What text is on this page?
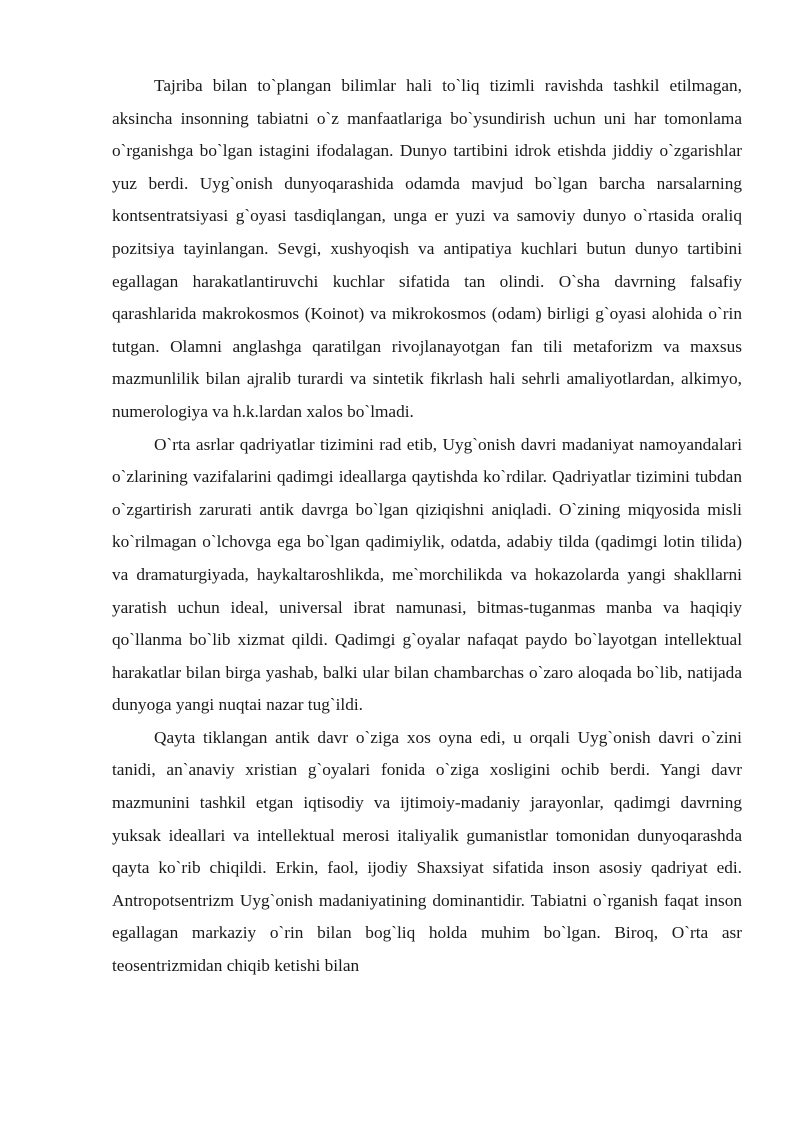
Tajriba bilan to`plangan bilimlar hali to`liq tizimli ravishda tashkil etilmagan, aksincha insonning tabiatni o`z manfaatlariga bo`ysundirish uchun uni har tomonlama o`rganishga bo`lgan istagini ifodalagan. Dunyo tartibini idrok etishda jiddiy o`zgarishlar yuz berdi. Uyg`onish dunyoqarashida odamda mavjud bo`lgan barcha narsalarning kontsentratsiyasi g`oyasi tasdiqlangan, unga er yuzi va samoviy dunyo o`rtasida oraliq pozitsiya tayinlangan. Sevgi, xushyoqish va antipatiya kuchlari butun dunyo tartibini egallagan harakatlantiruvchi kuchlar sifatida tan olindi. O`sha davrning falsafiy qarashlarida makrokosmos (Koinot) va mikrokosmos (odam) birligi g`oyasi alohida o`rin tutgan. Olamni anglashga qaratilgan rivojlanayotgan fan tili metaforizm va maxsus mazmunlilik bilan ajralib turardi va sintetik fikrlash hali sehrli amaliyotlardan, alkimyo, numerologiya va h.k.lardan xalos bo`lmadi.

O`rta asrlar qadriyatlar tizimini rad etib, Uyg`onish davri madaniyat namoyandalari o`zlarining vazifalarini qadimgi ideallarga qaytishda ko`rdilar. Qadriyatlar tizimini tubdan o`zgartirish zarurati antik davrga bo`lgan qiziqishni aniqladi. O`zining miqyosida misli ko`rilmagan o`lchovga ega bo`lgan qadimiylik, odatda, adabiy tilda (qadimgi lotin tilida) va dramaturgiyada, haykaltaroshlikda, me`morchilikda va hokazolarda yangi shakllarni yaratish uchun ideal, universal ibrat namunasi, bitmas-tuganmas manba va haqiqiy qo`llanma bo`lib xizmat qildi. Qadimgi g`oyalar nafaqat paydo bo`layotgan intellektual harakatlar bilan birga yashab, balki ular bilan chambarchas o`zaro aloqada bo`lib, natijada dunyoga yangi nuqtai nazar tug`ildi.

Qayta tiklangan antik davr o`ziga xos oyna edi, u orqali Uyg`onish davri o`zini tanidi, an`anaviy xristian g`oyalari fonida o`ziga xosligini ochib berdi. Yangi davr mazmunini tashkil etgan iqtisodiy va ijtimoiy-madaniy jarayonlar, qadimgi davrning yuksak ideallari va intellektual merosi italiyalik gumanistlar tomonidan dunyoqarashda qayta ko`rib chiqildi. Erkin, faol, ijodiy Shaxsiyat sifatida inson asosiy qadriyat edi. Antropotsentrizm Uyg`onish madaniyatining dominantidir. Tabiatni o`rganish faqat inson egallagan markaziy o`rin bilan bog`liq holda muhim bo`lgan. Biroq, O`rta asr teosentrizmidan chiqib ketishi bilan
